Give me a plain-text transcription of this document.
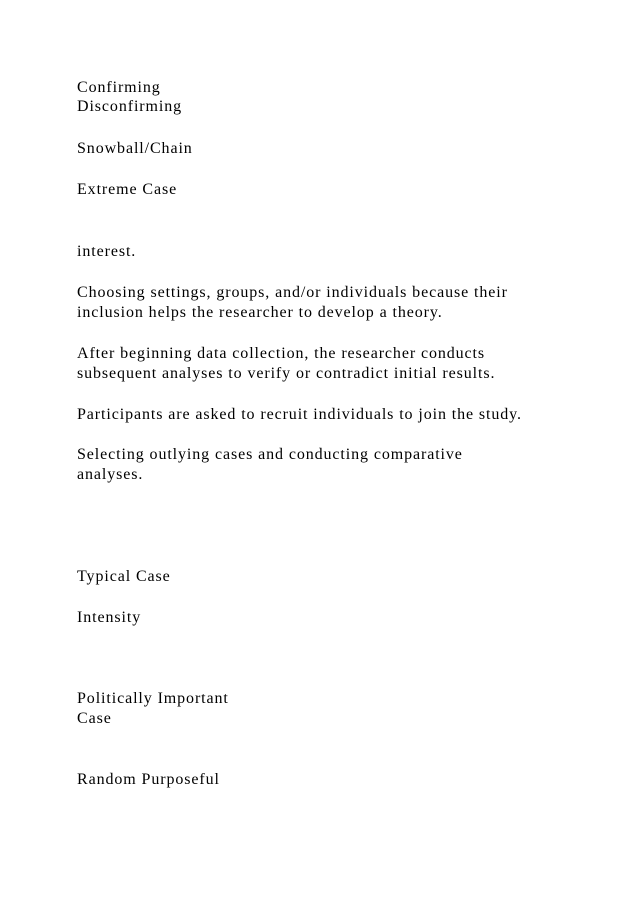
Confirming

Disconfirming

Snowball/Chain

Extreme Case

interest.

Choosing settings, groups, and/or individuals because their

inclusion helps the researcher to develop a theory.

After beginning data collection, the researcher conducts

subsequent analyses to verify or contradict initial results.

Participants are asked to recruit individuals to join the study.

Selecting outlying cases and conducting comparative

analyses.

Typical Case

Intensity

Politically Important

Case

Random Purposeful
